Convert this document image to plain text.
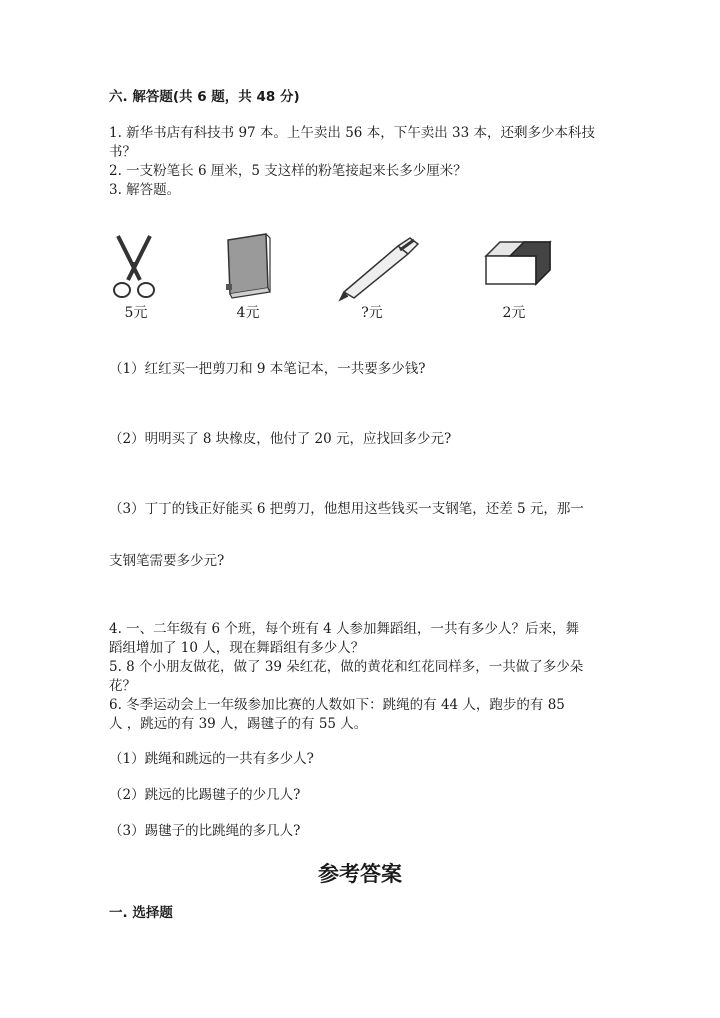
六. 解答题(共 6 题，共 48 分)
1. 新华书店有科技书 97 本。上午卖出 56 本，下午卖出 33 本，还剩多少本科技
书？
2. 一支粉笔长 6 厘米，5 支这样的粉笔接起来长多少厘米？
3. 解答题。
5元	4元	?元	2元
（1）红红买一把剪刀和 9 本笔记本，一共要多少钱?
（2）明明买了 8 块橡皮，他付了 20 元，应找回多少元?
（3）丁丁的钱正好能买 6 把剪刀，他想用这些钱买一支钢笔，还差 5 元，那一
支钢笔需要多少元?
4. 一、二年级有 6 个班，每个班有 4 人参加舞蹈组，一共有多少人？后来，舞
蹈组增加了 10 人，现在舞蹈组有多少人？
5. 8 个小朋友做花，做了 39 朵红花，做的黄花和红花同样多，一共做了多少朵
花？
6. 冬季运动会上一年级参加比赛的人数如下：跳绳的有 44 人，跑步的有 85
人 ，跳远的有 39 人，踢毽子的有 55 人。
（1）跳绳和跳远的一共有多少人?
（2）跳远的比踢毽子的少几人?
（3）踢毽子的比跳绳的多几人?
参考答案
一. 选择题
